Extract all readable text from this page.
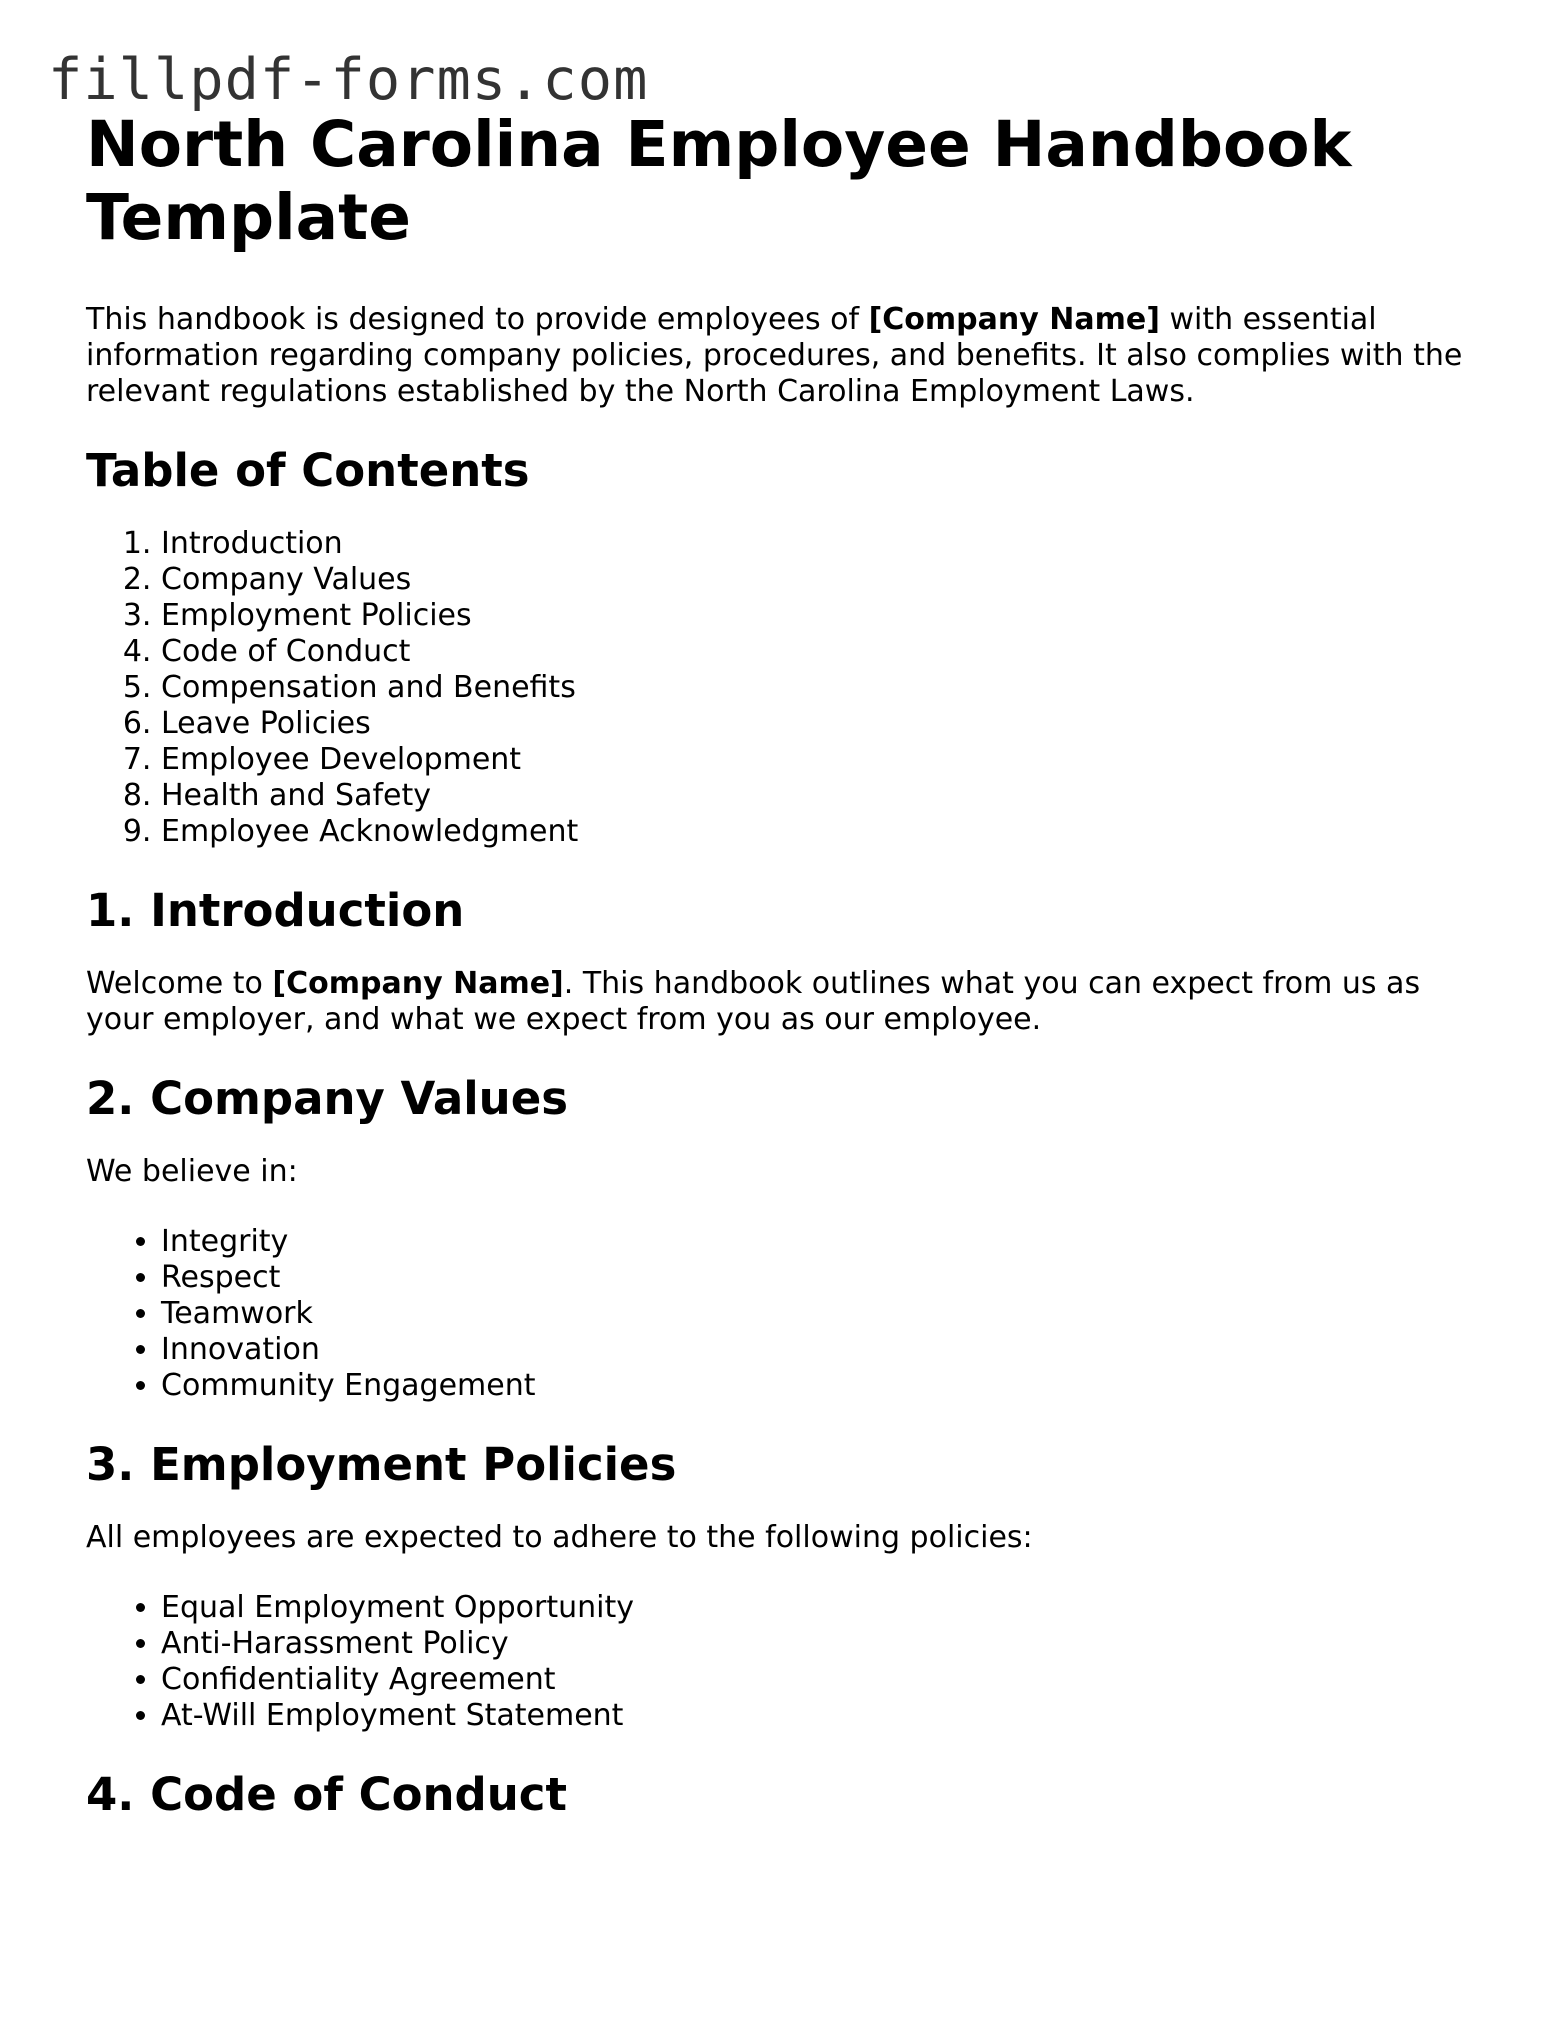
fillpdf-forms.com
North Carolina Employee Handbook Template

This handbook is designed to provide employees of [Company Name] with essential information regarding company policies, procedures, and benefits. It also complies with the relevant regulations established by the North Carolina Employment Laws.

Table of Contents
1. Introduction
2. Company Values
3. Employment Policies
4. Code of Conduct
5. Compensation and Benefits
6. Leave Policies
7. Employee Development
8. Health and Safety
9. Employee Acknowledgment
1. Introduction

Welcome to [Company Name]. This handbook outlines what you can expect from us as your employer, and what we expect from you as our employee.

2. Company Values

We believe in:

• Integrity
• Respect
• Teamwork
• Innovation
• Community Engagement
3. Employment Policies

All employees are expected to adhere to the following policies:

• Equal Employment Opportunity
• Anti-Harassment Policy
• Confidentiality Agreement
• At-Will Employment Statement
4. Code of Conduct
